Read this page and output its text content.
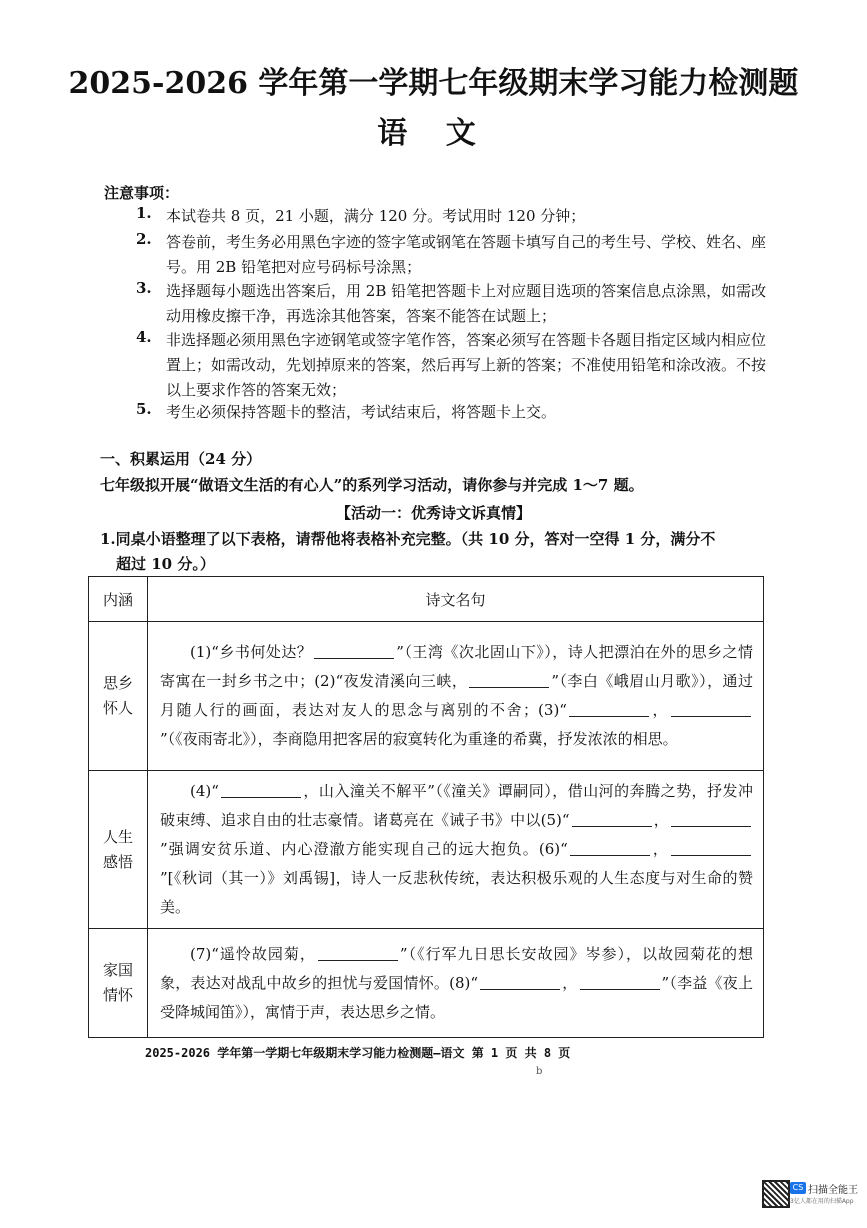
2025-2026 学年第一学期七年级期末学习能力检测题
语 文
注意事项：
1. 本试卷共 8 页，21 小题，满分 120 分。考试用时 120 分钟；
2. 答卷前，考生务必用黑色字迹的签字笔或钢笔在答题卡填写自己的考生号、学校、姓名、座号。用 2B 铅笔把对应号码标号涂黑；
3. 选择题每小题选出答案后，用 2B 铅笔把答题卡上对应题目选项的答案信息点涂黑，如需改动用橡皮擦干净，再选涂其他答案，答案不能答在试题上；
4. 非选择题必须用黑色字迹钢笔或签字笔作答，答案必须写在答题卡各题目指定区域内相应位置上；如需改动，先划掉原来的答案，然后再写上新的答案；不准使用铅笔和涂改液。不按以上要求作答的答案无效；
5. 考生必须保持答题卡的整洁，考试结束后，将答题卡上交。
一、积累运用（24 分）
七年级拟开展“做语文生活的有心人”的系列学习活动，请你参与并完成 1～7 题。
【活动一：优秀诗文诉真情】
1.同桌小语整理了以下表格，请帮他将表格补充完整。（共 10 分，答对一空得 1 分，满分不
超过 10 分。）
内涵	诗文名句
思乡
怀人	  (1)“乡书何处达？ ”（王湾《次北固山下》），诗人把漂泊在外的思乡之情寄寓在一封乡书之中；(2)“夜发清溪向三峡， ”（李白《峨眉山月歌》），通过月随人行的画面，表达对友人的思念与离别的不舍；(3)“ ，”（《夜雨寄北》），李商隐用把客居的寂寞转化为重逢的希冀，抒发浓浓的相思。
人生
感悟	  (4)“ ，山入潼关不解平”（《潼关》谭嗣同），借山河的奔腾之势，抒发冲破束缚、追求自由的壮志豪情。诸葛亮在《诫子书》中以(5)“ ，”强调安贫乐道、内心澄澈方能实现自己的远大抱负。(6)“ ，”[《秋词（其一）》刘禹锡]，诗人一反悲秋传统，表达积极乐观的人生态度与对生命的赞美。
家国
情怀	  (7)“遥怜故园菊， ”（《行军九日思长安故园》岑参），以故园菊花的想象，表达对战乱中故乡的担忧与爱国情怀。(8)“ ， ”（李益《夜上受降城闻笛》），寓情于声，表达思乡之情。
2025-2026 学年第一学期七年级期末学习能力检测题—语文 第 1 页 共 8 页
b
CS 扫描全能王
3亿人都在用的扫描App
